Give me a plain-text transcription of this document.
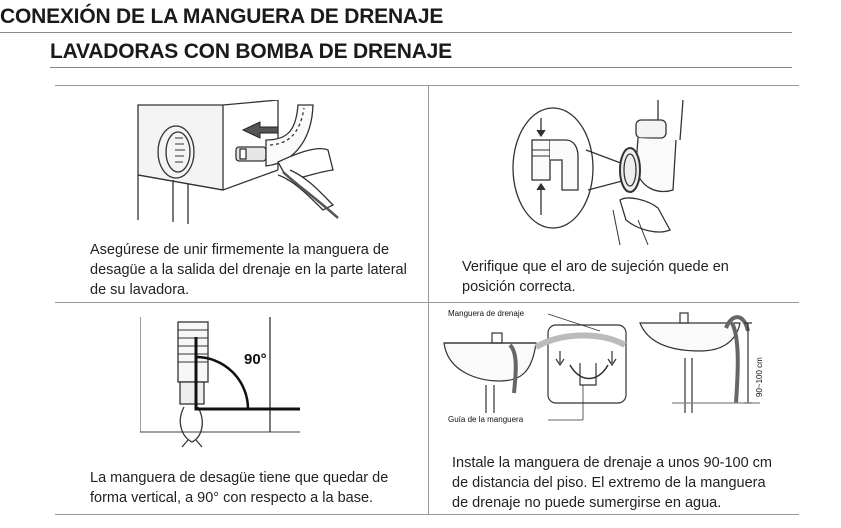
CONEXIÓN DE LA MANGUERA DE DRENAJE
LAVADORAS CON BOMBA DE DRENAJE
90°
Manguera de drenaje
Guía de la manguera
90~100 cm
Asegúrese de unir firmemente la manguera de
desagüe a la salida del drenaje en la parte lateral
de su lavadora.
Verifique que el aro de sujeción quede en
posición correcta.
La manguera de desagüe tiene que quedar de
forma vertical, a 90° con respecto a la base.
Instale la manguera de drenaje a unos 90-100 cm
de distancia del piso. El extremo de la manguera
de drenaje no puede sumergirse en agua.
